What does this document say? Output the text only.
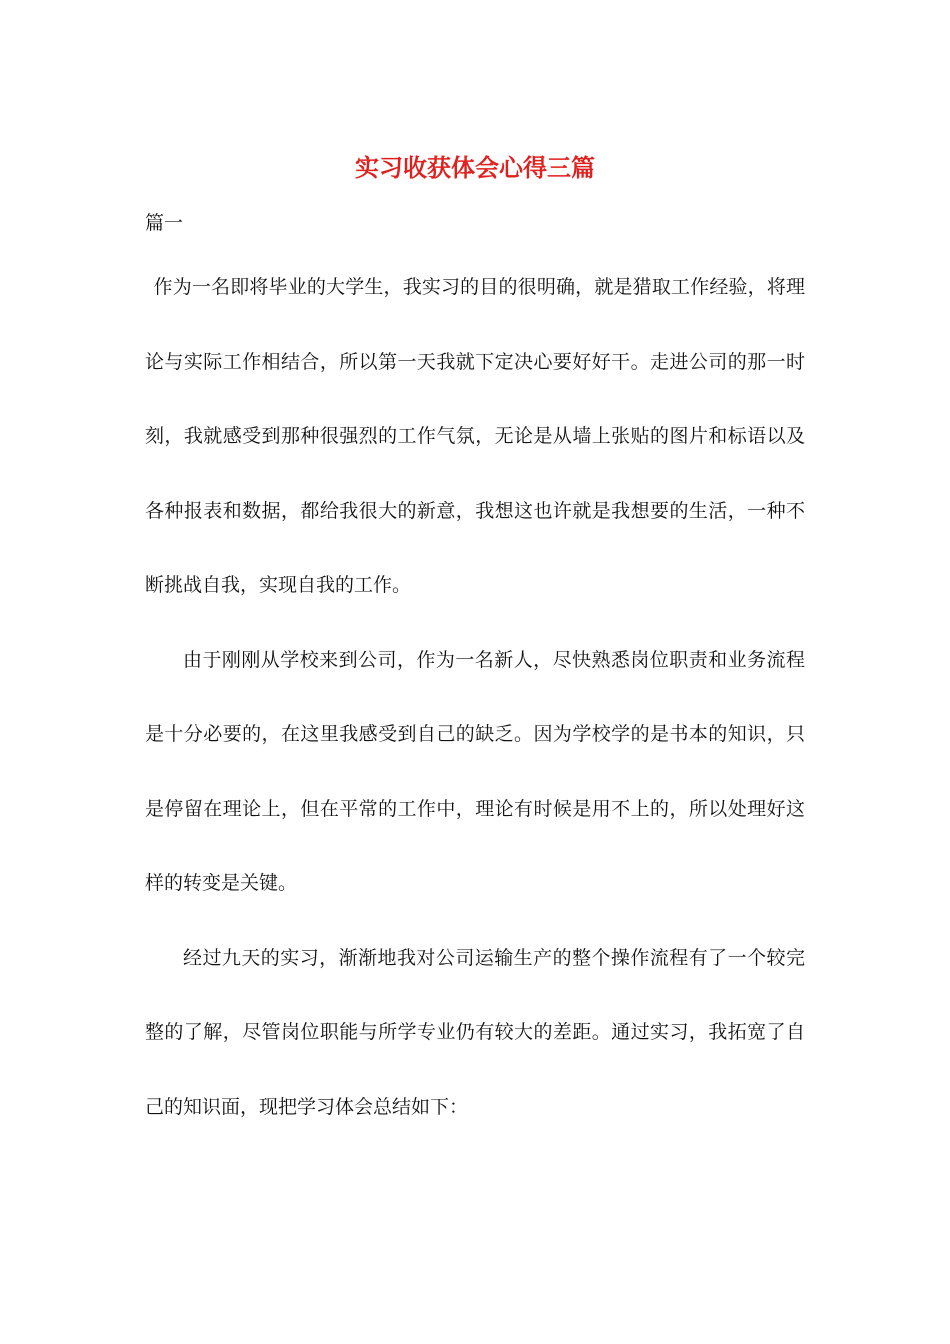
实习收获体会心得三篇
篇一

作为一名即将毕业的大学生，我实习的目的很明确，就是猎取工作经验，将理论与实际工作相结合，所以第一天我就下定决心要好好干。走进公司的那一时刻，我就感受到那种很强烈的工作气氛，无论是从墙上张贴的图片和标语以及各种报表和数据，都给我很大的新意，我想这也许就是我想要的生活，一种不断挑战自我，实现自我的工作。

由于刚刚从学校来到公司，作为一名新人，尽快熟悉岗位职责和业务流程是十分必要的，在这里我感受到自己的缺乏。因为学校学的是书本的知识，只是停留在理论上，但在平常的工作中，理论有时候是用不上的，所以处理好这样的转变是关键。

经过九天的实习，渐渐地我对公司运输生产的整个操作流程有了一个较完整的了解，尽管岗位职能与所学专业仍有较大的差距。通过实习，我拓宽了自己的知识面，现把学习体会总结如下：
